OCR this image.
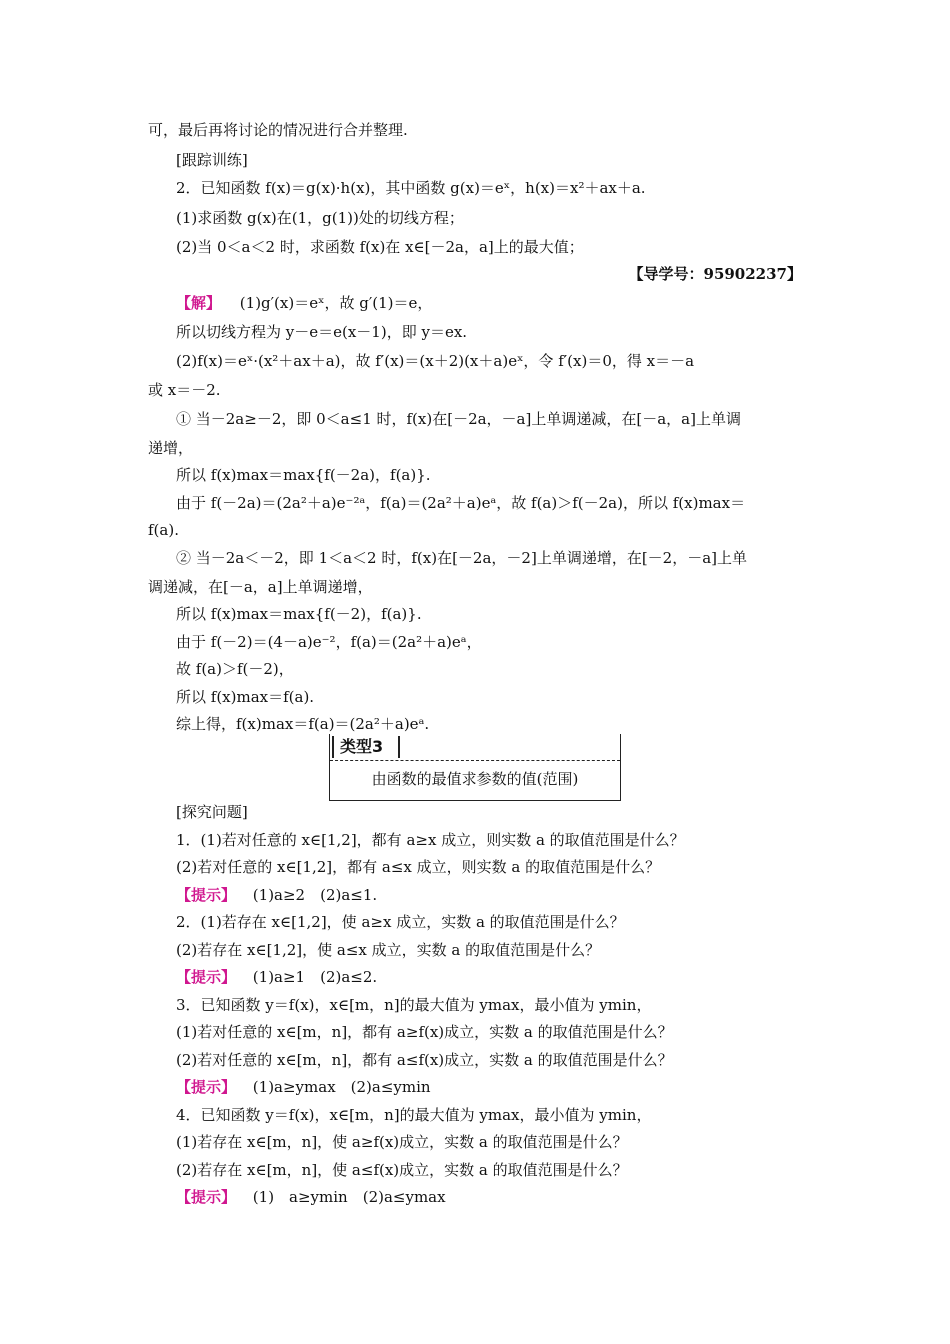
可，最后再将讨论的情况进行合并整理.
[跟踪训练]
2．已知函数 f(x)＝g(x)·h(x)，其中函数 g(x)＝eˣ，h(x)＝x²＋ax＋a.
(1)求函数 g(x)在(1，g(1))处的切线方程；
(2)当 0＜a＜2 时，求函数 f(x)在 x∈[－2a，a]上的最大值；
【导学号：95902237】
【解】 (1)g′(x)＝eˣ，故 g′(1)＝e，
所以切线方程为 y－e＝e(x－1)，即 y＝ex.
(2)f(x)＝eˣ·(x²＋ax＋a)，故 f′(x)＝(x＋2)(x＋a)eˣ，令 f′(x)＝0，得 x＝－a
或 x＝－2.
① 当－2a≥－2，即 0＜a≤1 时，f(x)在[－2a，－a]上单调递减，在[－a，a]上单调
递增，
所以 f(x)max＝max{f(－2a)，f(a)}.
由于 f(－2a)＝(2a²＋a)e⁻²ᵃ，f(a)＝(2a²＋a)eᵃ，故 f(a)＞f(－2a)，所以 f(x)max＝
f(a).
② 当－2a＜－2，即 1＜a＜2 时，f(x)在[－2a，－2]上单调递增，在[－2，－a]上单
调递减，在[－a，a]上单调递增，
所以 f(x)max＝max{f(－2)，f(a)}.
由于 f(－2)＝(4－a)e⁻²，f(a)＝(2a²＋a)eᵃ，
故 f(a)＞f(－2)，
所以 f(x)max＝f(a).
综上得，f(x)max＝f(a)＝(2a²＋a)eᵃ.
类型3
由函数的最值求参数的值(范围)
[探究问题]
1．(1)若对任意的 x∈[1,2]，都有 a≥x 成立，则实数 a 的取值范围是什么？
(2)若对任意的 x∈[1,2]，都有 a≤x 成立，则实数 a 的取值范围是什么？
【提示】 (1)a≥2　(2)a≤1.
2．(1)若存在 x∈[1,2]，使 a≥x 成立，实数 a 的取值范围是什么？
(2)若存在 x∈[1,2]，使 a≤x 成立，实数 a 的取值范围是什么？
【提示】 (1)a≥1　(2)a≤2.
3．已知函数 y＝f(x)，x∈[m，n]的最大值为 ymax，最小值为 ymin，
(1)若对任意的 x∈[m，n]，都有 a≥f(x)成立，实数 a 的取值范围是什么？
(2)若对任意的 x∈[m，n]，都有 a≤f(x)成立，实数 a 的取值范围是什么？
【提示】 (1)a≥ymax　(2)a≤ymin
4．已知函数 y＝f(x)，x∈[m，n]的最大值为 ymax，最小值为 ymin，
(1)若存在 x∈[m，n]，使 a≥f(x)成立，实数 a 的取值范围是什么？
(2)若存在 x∈[m，n]，使 a≤f(x)成立，实数 a 的取值范围是什么？
【提示】 (1)　a≥ymin　(2)a≤ymax
